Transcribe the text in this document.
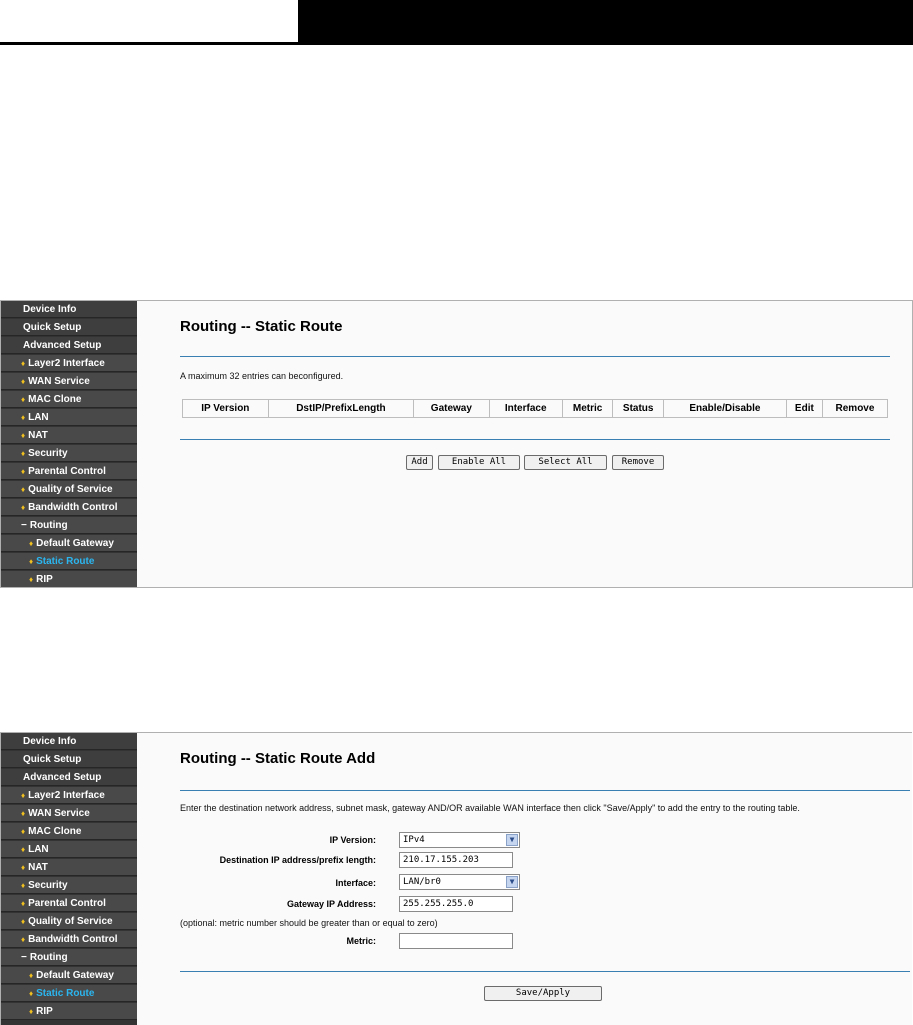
Device Info
Quick Setup
Advanced Setup
♦ Layer2 Interface
♦ WAN Service
♦ MAC Clone
♦ LAN
♦ NAT
♦ Security
♦ Parental Control
♦ Quality of Service
♦ Bandwidth Control
− Routing
♦ Default Gateway
♦ Static Route
♦ RIP
Routing -- Static Route
A maximum 32 entries can beconfigured.
IP Version	DstIP/PrefixLength	Gateway	Interface	Metric	Status	Enable/Disable	Edit	Remove
Add	Enable All	Select All	Remove
Device Info
Quick Setup
Advanced Setup
♦ Layer2 Interface
♦ WAN Service
♦ MAC Clone
♦ LAN
♦ NAT
♦ Security
♦ Parental Control
♦ Quality of Service
♦ Bandwidth Control
− Routing
♦ Default Gateway
♦ Static Route
♦ RIP
Routing -- Static Route Add
Enter the destination network address, subnet mask, gateway AND/OR available WAN interface then click "Save/Apply" to add the entry to the routing table.
IP Version:	IPv4	▼
Destination IP address/prefix length:	210.17.155.203
Interface:	LAN/br0	▼
Gateway IP Address:	255.255.255.0
(optional: metric number should be greater than or equal to zero)
Metric:
Save/Apply
